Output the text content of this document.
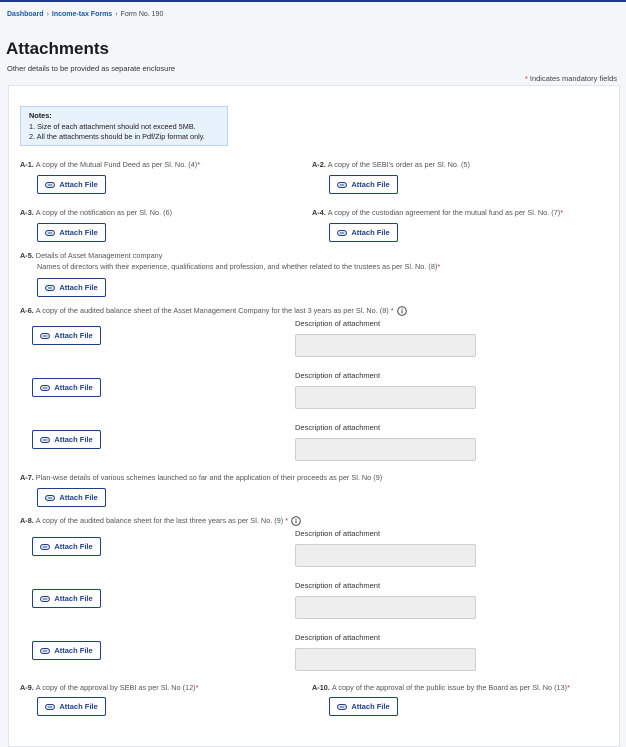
Dashboard › Income-tax Forms › Form No. 190
Attachments
Other details to be provided as separate enclosure
* Indicates mandatory fields
Notes:
1. Size of each attachment should not exceed 5MB.
2. All the attachments should be in Pdf/Zip format only.
A-1. A copy of the Mutual Fund Deed as per Sl. No. (4)*
Attach File
A-2. A copy of the SEBI's order as per Sl. No. (5)
Attach File
A-3. A copy of the notification as per Sl. No. (6)
Attach File
A-4. A copy of the custodian agreement for the mutual fund as per Sl. No. (7)*
Attach File
A-5. Details of Asset Management company
Names of directors with their experience, qualifications and profession, and whether related to the trustees as per Sl. No. (8)*
Attach File
A-6. A copy of the audited balance sheet of the Asset Management Company for the last 3 years as per Sl. No. (8) *
Attach File
Description of attachment
Attach File
Description of attachment
Attach File
Description of attachment
A-7. Plan-wise details of various schemes launched so far and the application of their proceeds as per Sl. No (9)
Attach File
A-8. A copy of the audited balance sheet for the last three years as per Sl. No. (9) *
Attach File
Description of attachment
Attach File
Description of attachment
Attach File
Description of attachment
A-9. A copy of the approval by SEBI as per Sl. No (12)*
Attach File
A-10. A copy of the approval of the public issue by the Board as per Sl. No (13)*
Attach File
